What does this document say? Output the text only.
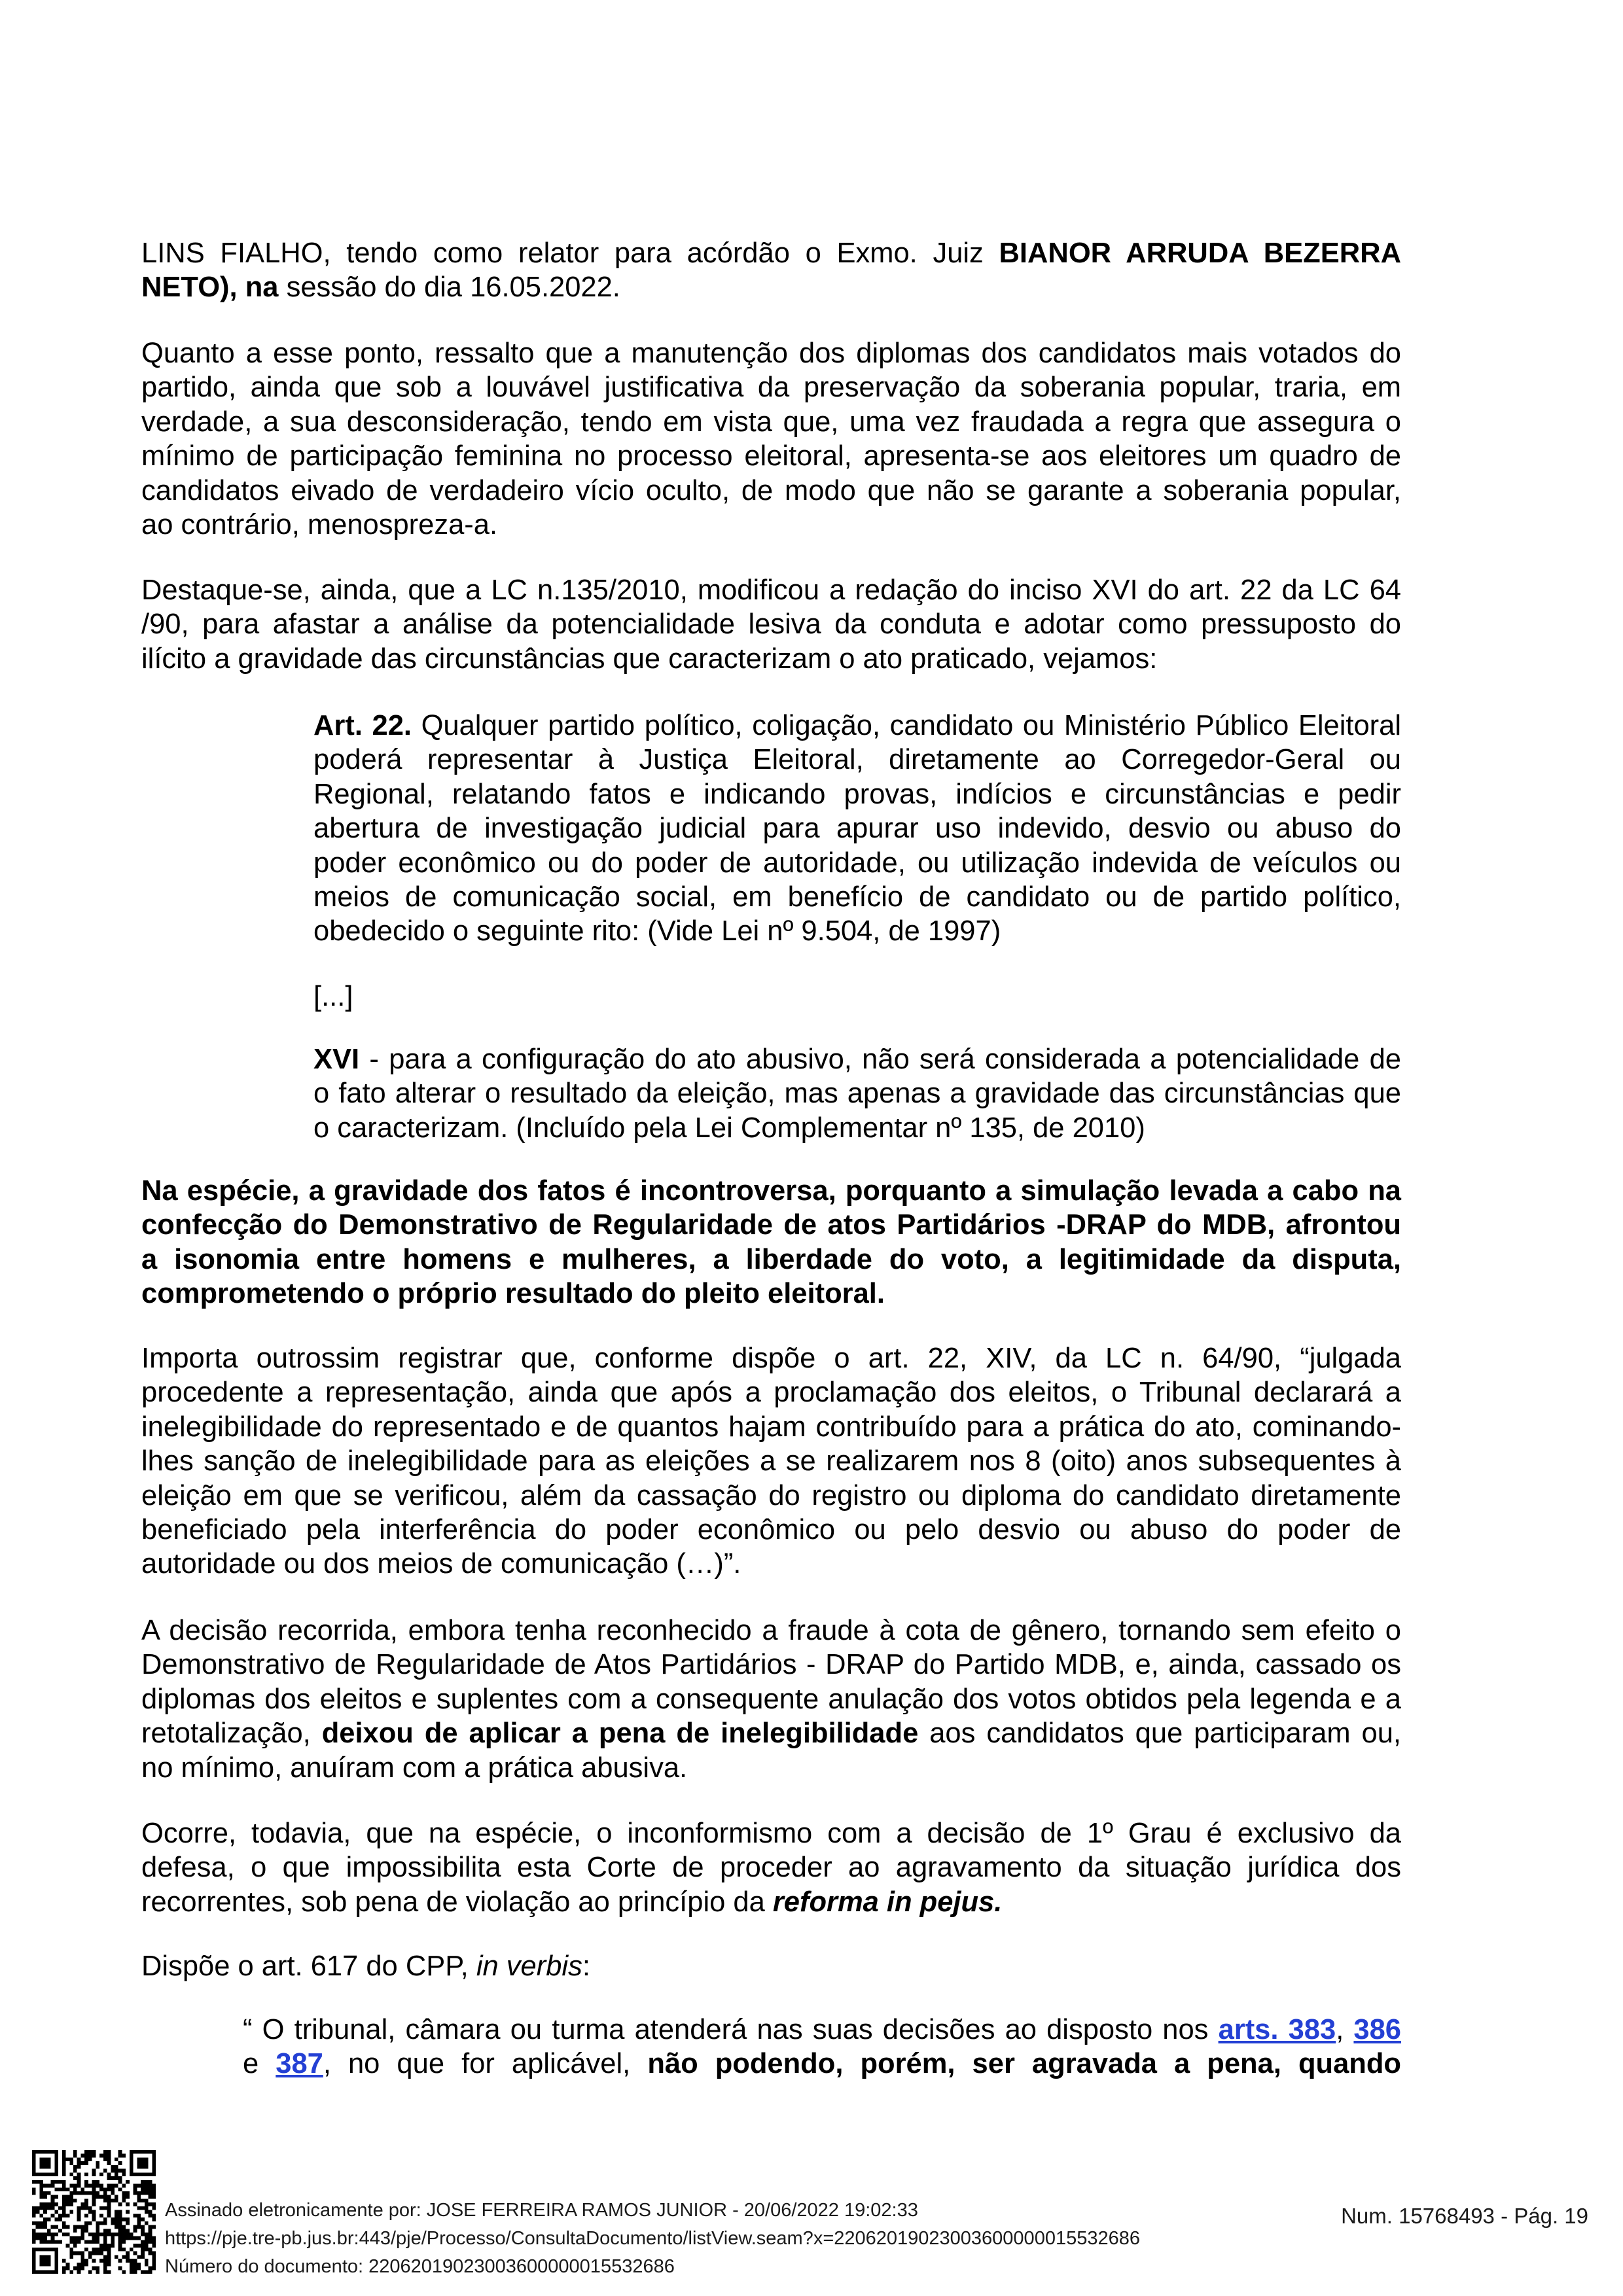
LINS FIALHO, tendo como relator para acórdão o Exmo. Juiz BIANOR ARRUDA BEZERRA
NETO), na sessão do dia 16.05.2022.
Quanto a esse ponto, ressalto que a manutenção dos diplomas dos candidatos mais votados do
partido, ainda que sob a louvável justificativa da preservação da soberania popular, traria, em
verdade, a sua desconsideração, tendo em vista que, uma vez fraudada a regra que assegura o
mínimo de participação feminina no processo eleitoral, apresenta-se aos eleitores um quadro de
candidatos eivado de verdadeiro vício oculto, de modo que não se garante a soberania popular,
ao contrário, menospreza-a.
Destaque-se, ainda, que a LC n.135/2010, modificou a redação do inciso XVI do art. 22 da LC 64
/90, para afastar a análise da potencialidade lesiva da conduta e adotar como pressuposto do
ilícito a gravidade das circunstâncias que caracterizam o ato praticado, vejamos:
Art. 22. Qualquer partido político, coligação, candidato ou Ministério Público Eleitoral
poderá representar à Justiça Eleitoral, diretamente ao Corregedor-Geral ou
Regional, relatando fatos e indicando provas, indícios e circunstâncias e pedir
abertura de investigação judicial para apurar uso indevido, desvio ou abuso do
poder econômico ou do poder de autoridade, ou utilização indevida de veículos ou
meios de comunicação social, em benefício de candidato ou de partido político,
obedecido o seguinte rito: (Vide Lei nº 9.504, de 1997)
[...]
XVI - para a configuração do ato abusivo, não será considerada a potencialidade de
o fato alterar o resultado da eleição, mas apenas a gravidade das circunstâncias que
o caracterizam. (Incluído pela Lei Complementar nº 135, de 2010)
Na espécie, a gravidade dos fatos é incontroversa, porquanto a simulação levada a cabo na
confecção do Demonstrativo de Regularidade de atos Partidários -DRAP do MDB, afrontou
a isonomia entre homens e mulheres, a liberdade do voto, a legitimidade da disputa,
comprometendo o próprio resultado do pleito eleitoral.
Importa outrossim registrar que, conforme dispõe o art. 22, XIV, da LC n. 64/90, “julgada
procedente a representação, ainda que após a proclamação dos eleitos, o Tribunal declarará a
inelegibilidade do representado e de quantos hajam contribuído para a prática do ato, cominando-
lhes sanção de inelegibilidade para as eleições a se realizarem nos 8 (oito) anos subsequentes à
eleição em que se verificou, além da cassação do registro ou diploma do candidato diretamente
beneficiado pela interferência do poder econômico ou pelo desvio ou abuso do poder de
autoridade ou dos meios de comunicação (…)”.
A decisão recorrida, embora tenha reconhecido a fraude à cota de gênero, tornando sem efeito o
Demonstrativo de Regularidade de Atos Partidários - DRAP do Partido MDB, e, ainda, cassado os
diplomas dos eleitos e suplentes com a consequente anulação dos votos obtidos pela legenda e a
retotalização, deixou de aplicar a pena de inelegibilidade aos candidatos que participaram ou,
no mínimo, anuíram com a prática abusiva.
Ocorre, todavia, que na espécie, o inconformismo com a decisão de 1º Grau é exclusivo da
defesa, o que impossibilita esta Corte de proceder ao agravamento da situação jurídica dos
recorrentes, sob pena de violação ao princípio da reforma in pejus.
Dispõe o art. 617 do CPP, in verbis:
“ O tribunal, câmara ou turma atenderá nas suas decisões ao disposto nos arts. 383, 386
e 387, no que for aplicável, não podendo, porém, ser agravada a pena, quando
Assinado eletronicamente por: JOSE FERREIRA RAMOS JUNIOR - 20/06/2022 19:02:33
https://pje.tre-pb.jus.br:443/pje/Processo/ConsultaDocumento/listView.seam?x=22062019023003600000015532686
Número do documento: 22062019023003600000015532686
Num. 15768493 - Pág. 19
